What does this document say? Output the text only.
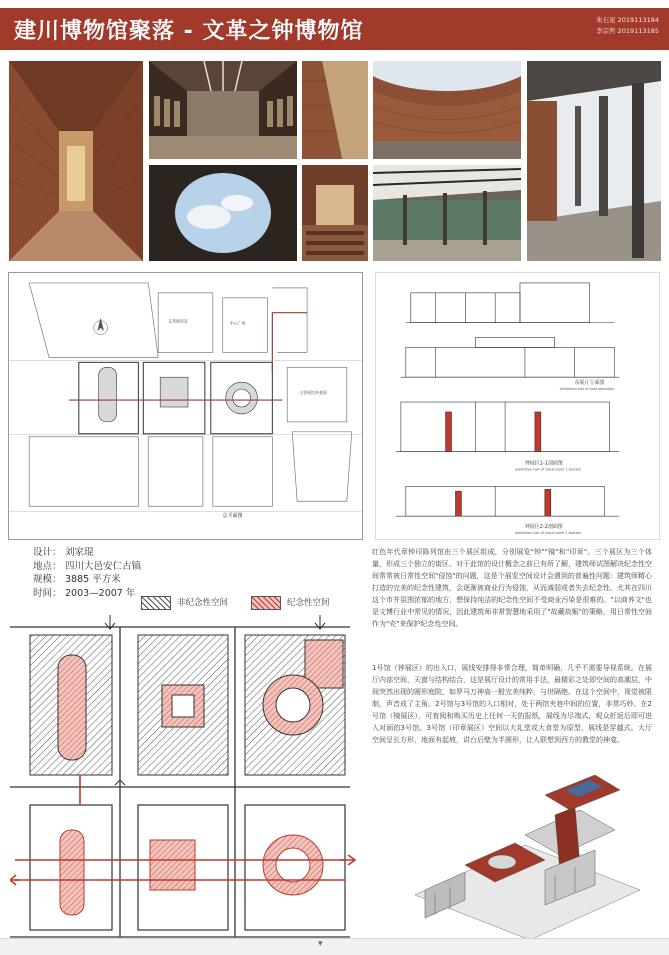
建川博物馆聚落 - 文革之钟博物馆	朱石星 2019113184
李宗哲 2019113185
文革展馆室	中心广场
主要展馆外观面
总平面图
东展厅立面图
exhibition hall of east elevation
钟展区1-1剖面图
exhibition hall of clock-room 1 section
钟展区2-2剖面图
exhibition hall of clock-room 2 section
设计： 刘家琨
地点： 四川大邑安仁古镇
规模： 3885 平方米
时间： 2003—2007 年
非纪念性空间	纪念性空间
红色年代章钟印陈列馆由三个展区组成，分别展览"钟""镜"和"印章"。三个展区为三个体量，形成三个独立的街区。对于此馆的设计概念之前已有所了解，建筑师试图解决纪念性空间常常被日常性空间"侵蚀"的问题，这是个展览空间设计会遇到的普遍性问题：建筑师精心打造的完美的纪念性建筑，会逐渐被商业行为侵蚀，从而减弱或者失去纪念性。尤其在四川这个市井氛围浓郁的地方，想保持纯洁的纪念性空间不受商业污染是很难的。"以商养文"也是文博行业中常见的情况，因此建筑师非常智慧地采用了"故藏故赈"的策略，用日常性空间作为"壳"来保护纪念性空间。
1号馆（钟展区）的出入口，展线安排得非常合理，简单明确，几乎不需要导视系统。在展厅内部空间，天窗与结构结合，这是展厅设计的常用手法，最精彩之处即空间的高潮层，中间突然出现的圆形庭院，如罗马万神庙一般完美纯粹，与世隔绝。在这个空间中，视觉被限制，声音成了主角。2号馆与3号馆的入口相对，处于两馆夹巷中间的位置，非常巧妙。在2号馆（镜展区），可查阅和购买历史上任何一天的报纸，展线为尽端式，观众折返后即可进入对面的3号馆。3号馆（印章展区）空间以大礼堂或大食堂为原型，展线是穿越式。大厅空间呈长方形，地面有起坡，讲台后壁为半圆形，让人联想到西方的教堂的神龛。
▾
